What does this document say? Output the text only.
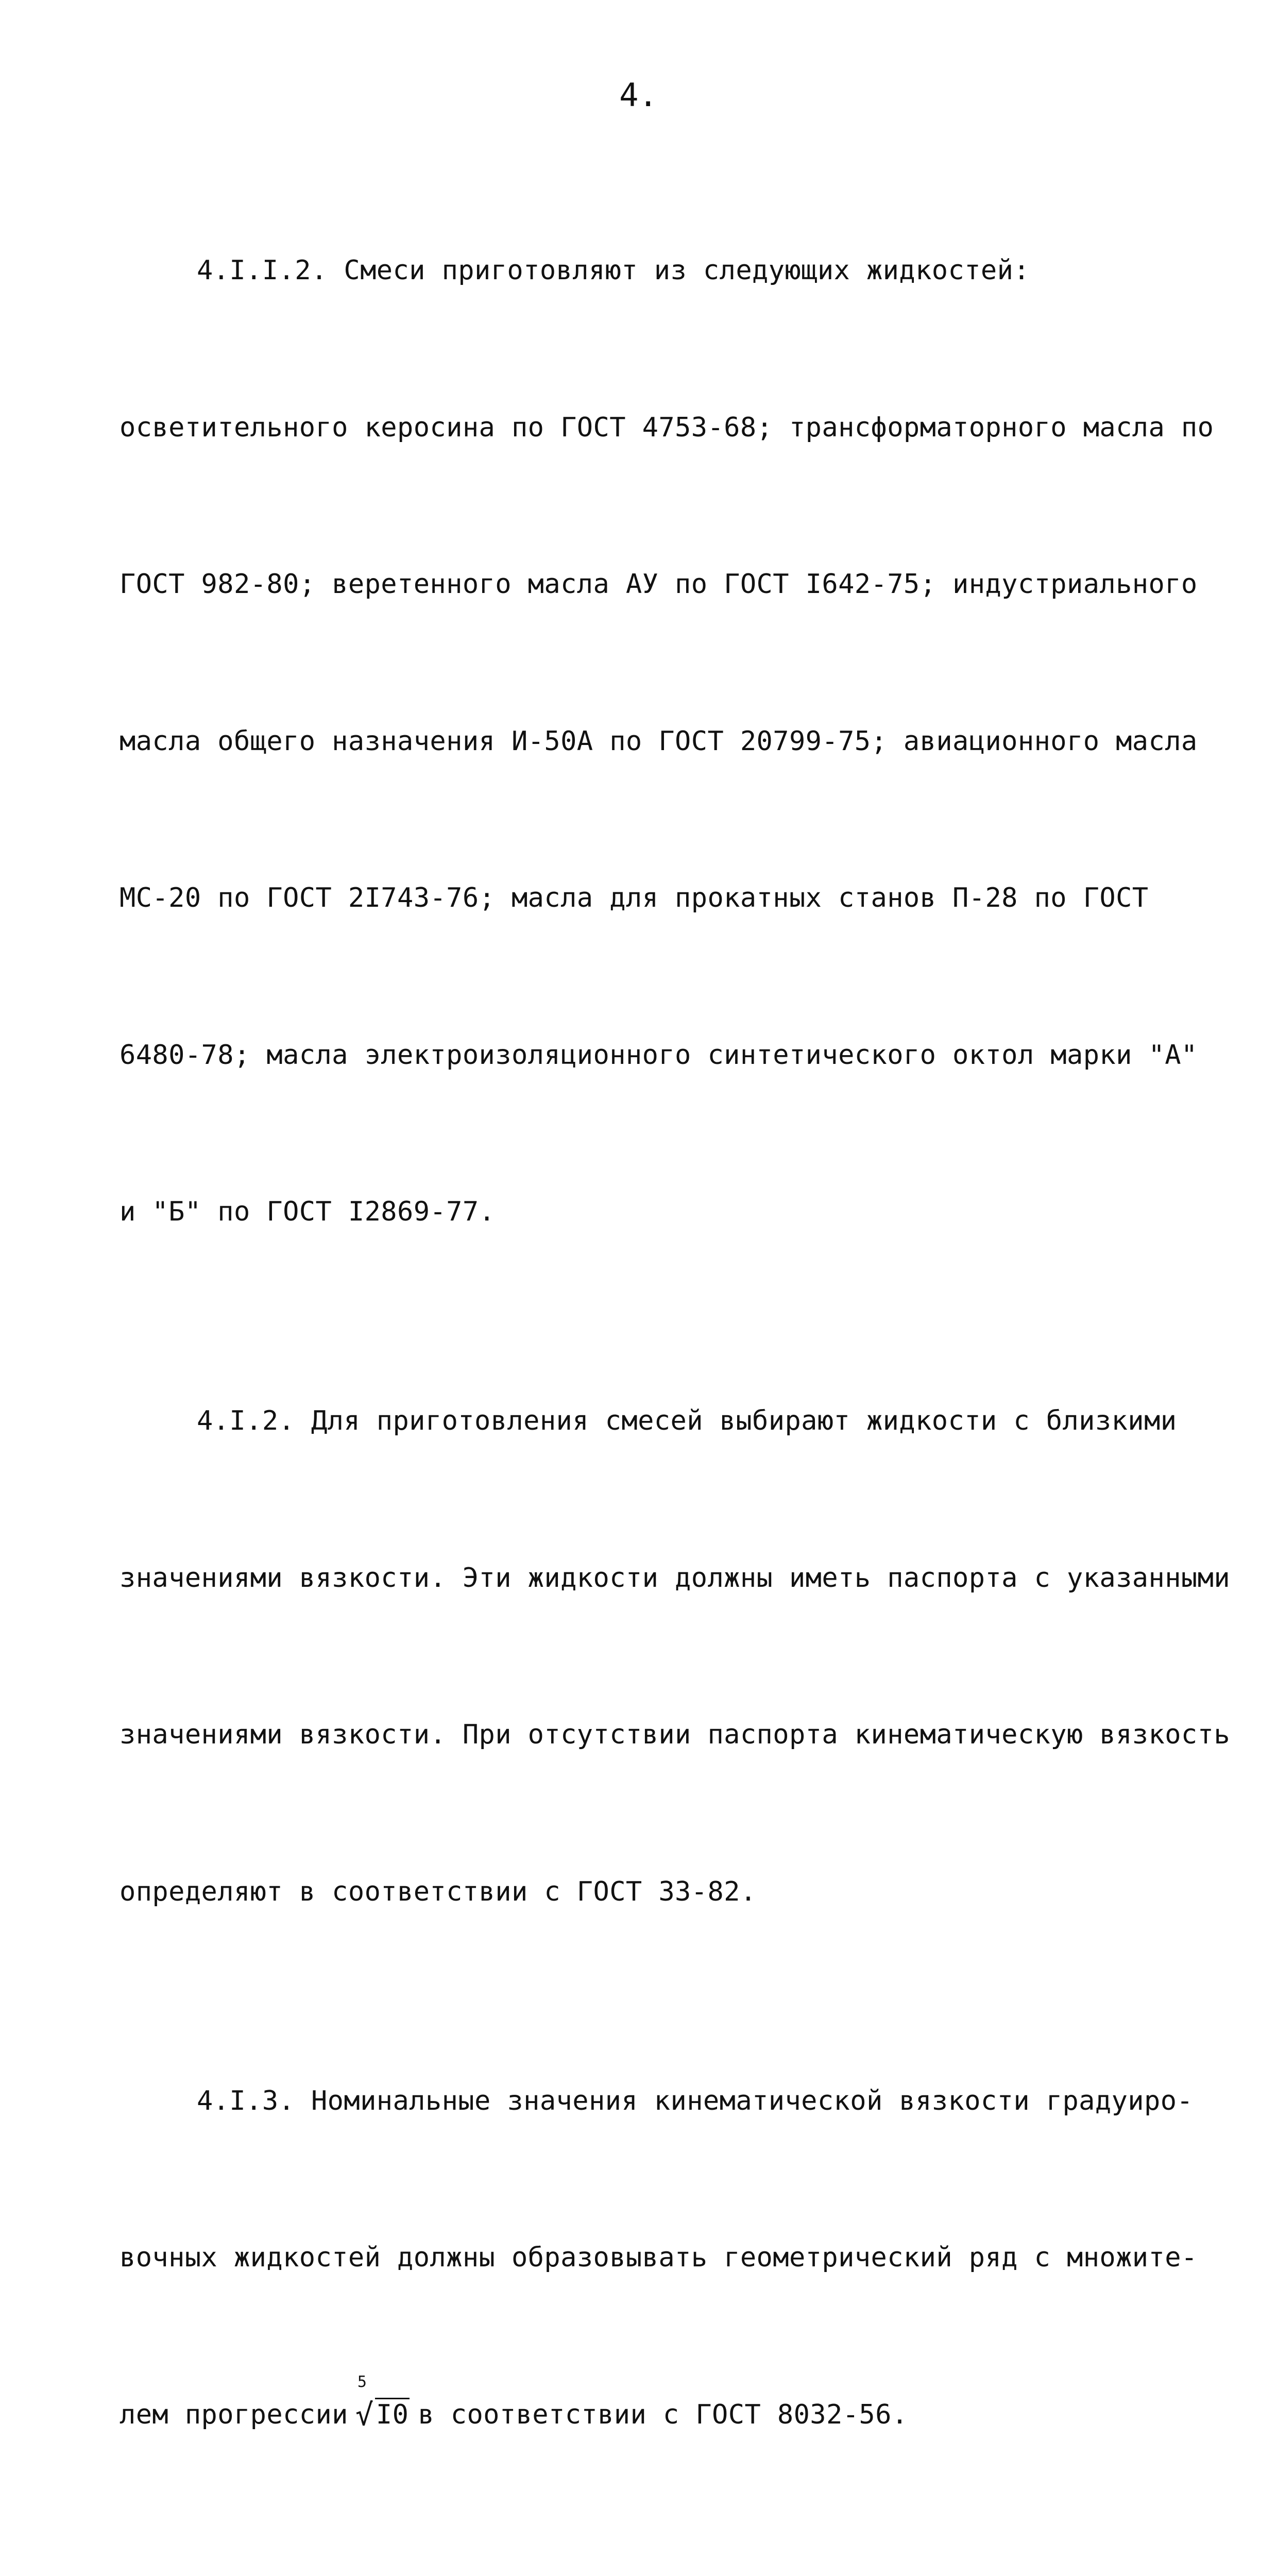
4.

4.I.I.2. Смеси приготовляют из следующих жидкостей:

осветительного керосина по ГОСТ 4753-68; трансформаторного масла по

ГОСТ 982-80; веретенного масла АУ по ГОСТ I642-75; индустриального

масла общего назначения И-50А по ГОСТ 20799-75; авиационного масла

МС-20 по ГОСТ 2I743-76; масла для прокатных станов П-28 по ГОСТ

6480-78; масла электроизоляционного синтетического октол марки "А"

и "Б" по ГОСТ I2869-77.

4.I.2. Для приготовления смесей выбирают жидкости с близкими

значениями вязкости. Эти жидкости должны иметь паспорта с указанными

значениями вязкости. При отсутствии паспорта кинематическую вязкость

определяют в соответствии с ГОСТ 33-82.

4.I.3. Номинальные значения кинематической вязкости градуиро-

вочных жидкостей должны образовывать геометрический ряд с множите-

лем прогрессии
5
√ I0 в соответствии с ГОСТ 8032-56.
